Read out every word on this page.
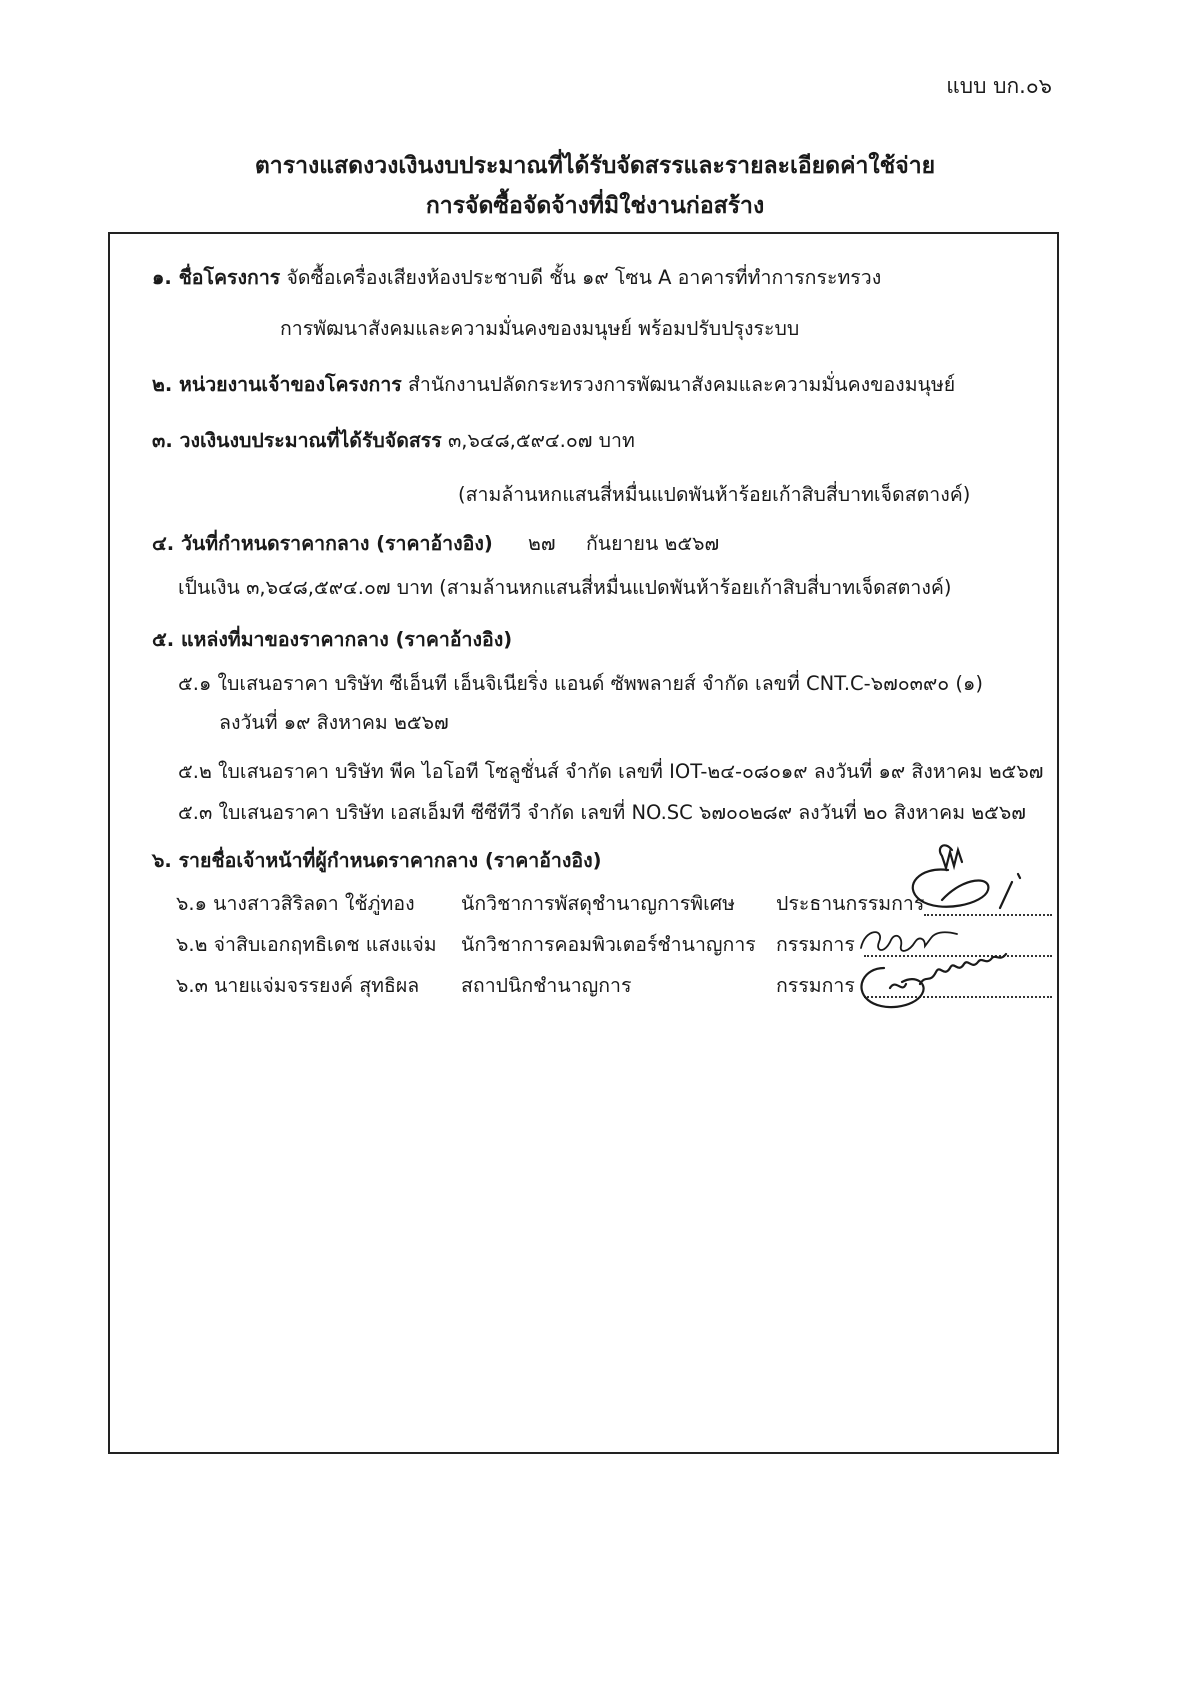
แบบ บก.๐๖
ตารางแสดงวงเงินงบประมาณที่ได้รับจัดสรรและรายละเอียดค่าใช้จ่าย
การจัดซื้อจัดจ้างที่มิใช่งานก่อสร้าง
๑. ชื่อโครงการ จัดซื้อเครื่องเสียงห้องประชาบดี ชั้น ๑๙ โซน A อาคารที่ทำการกระทรวง
การพัฒนาสังคมและความมั่นคงของมนุษย์ พร้อมปรับปรุงระบบ
๒. หน่วยงานเจ้าของโครงการ สำนักงานปลัดกระทรวงการพัฒนาสังคมและความมั่นคงของมนุษย์
๓. วงเงินงบประมาณที่ได้รับจัดสรร ๓,๖๔๘,๕๙๔.๐๗ บาท
(สามล้านหกแสนสี่หมื่นแปดพันห้าร้อยเก้าสิบสี่บาทเจ็ดสตางค์)
๔. วันที่กำหนดราคากลาง (ราคาอ้างอิง) ๒๗ กันยายน ๒๕๖๗
เป็นเงิน ๓,๖๔๘,๕๙๔.๐๗ บาท (สามล้านหกแสนสี่หมื่นแปดพันห้าร้อยเก้าสิบสี่บาทเจ็ดสตางค์)
๕. แหล่งที่มาของราคากลาง (ราคาอ้างอิง)
๕.๑ ใบเสนอราคา บริษัท ซีเอ็นที เอ็นจิเนียริ่ง แอนด์ ซัพพลายส์ จำกัด เลขที่ CNT.C-๖๗๐๓๙๐ (๑)
ลงวันที่ ๑๙ สิงหาคม ๒๕๖๗
๕.๒ ใบเสนอราคา บริษัท พีค ไอโอที โซลูชั่นส์ จำกัด เลขที่ IOT-๒๔-๐๘๐๑๙ ลงวันที่ ๑๙ สิงหาคม ๒๕๖๗
๕.๓ ใบเสนอราคา บริษัท เอสเอ็มที ซีซีทีวี จำกัด เลขที่ NO.SC ๖๗๐๐๒๘๙ ลงวันที่ ๒๐ สิงหาคม ๒๕๖๗
๖. รายชื่อเจ้าหน้าที่ผู้กำหนดราคากลาง (ราคาอ้างอิง)
๖.๑ นางสาวสิริลดา ใช้ภู่ทอง นักวิชาการพัสดุชำนาญการพิเศษ ประธานกรรมการ
๖.๒ จ่าสิบเอกฤทธิเดช แสงแจ่ม นักวิชาการคอมพิวเตอร์ชำนาญการ กรรมการ
๖.๓ นายแจ่มจรรยงค์ สุทธิผล สถาปนิกชำนาญการ	กรรมการ
